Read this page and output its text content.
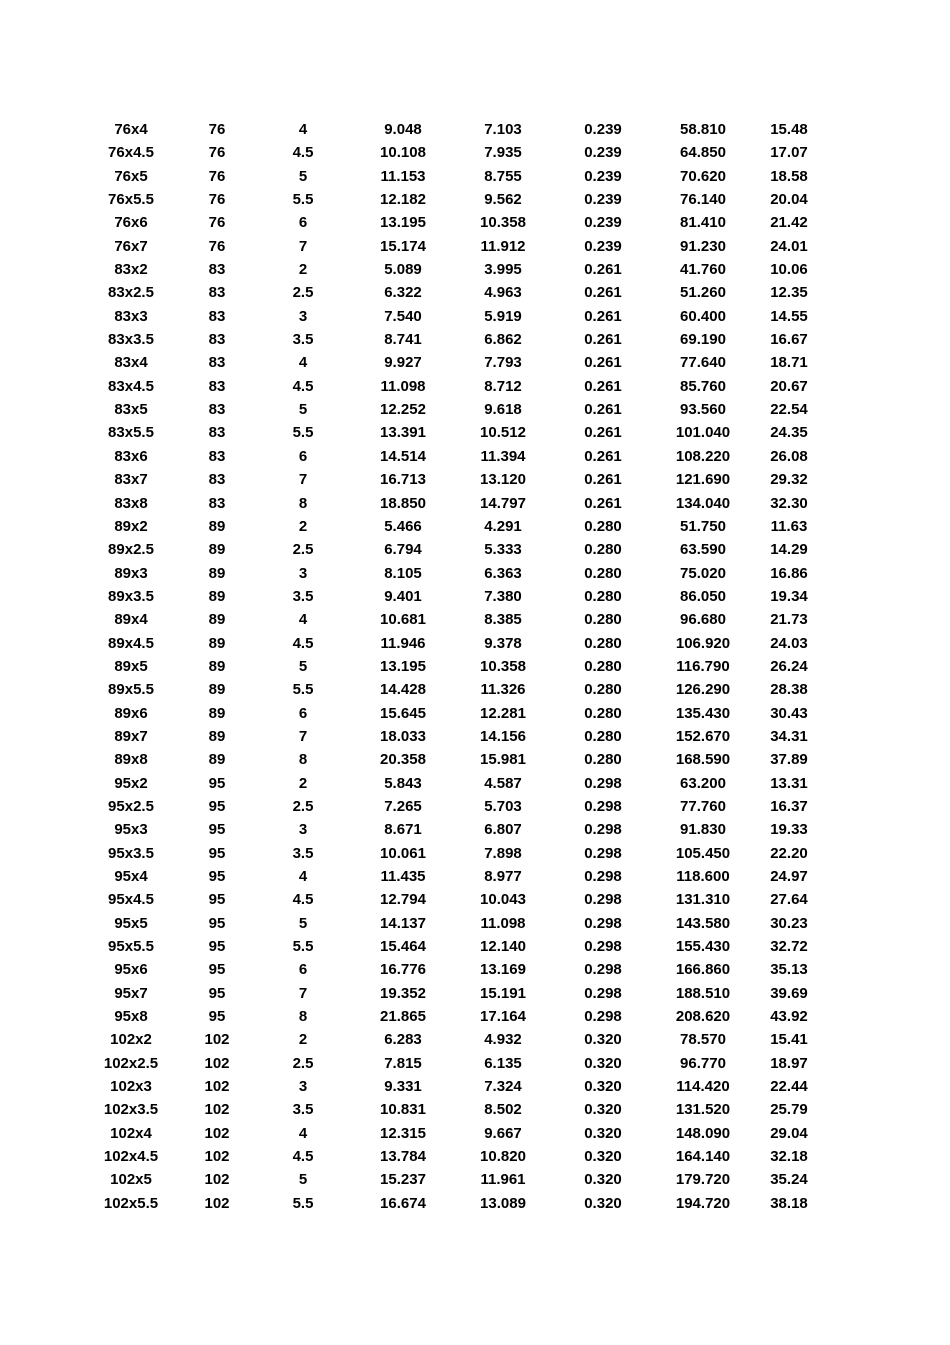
76x4	76	4	9.048	7.103	0.239	58.810	15.48
76x4.5	76	4.5	10.108	7.935	0.239	64.850	17.07
76x5	76	5	11.153	8.755	0.239	70.620	18.58
76x5.5	76	5.5	12.182	9.562	0.239	76.140	20.04
76x6	76	6	13.195	10.358	0.239	81.410	21.42
76x7	76	7	15.174	11.912	0.239	91.230	24.01
83x2	83	2	5.089	3.995	0.261	41.760	10.06
83x2.5	83	2.5	6.322	4.963	0.261	51.260	12.35
83x3	83	3	7.540	5.919	0.261	60.400	14.55
83x3.5	83	3.5	8.741	6.862	0.261	69.190	16.67
83x4	83	4	9.927	7.793	0.261	77.640	18.71
83x4.5	83	4.5	11.098	8.712	0.261	85.760	20.67
83x5	83	5	12.252	9.618	0.261	93.560	22.54
83x5.5	83	5.5	13.391	10.512	0.261	101.040	24.35
83x6	83	6	14.514	11.394	0.261	108.220	26.08
83x7	83	7	16.713	13.120	0.261	121.690	29.32
83x8	83	8	18.850	14.797	0.261	134.040	32.30
89x2	89	2	5.466	4.291	0.280	51.750	11.63
89x2.5	89	2.5	6.794	5.333	0.280	63.590	14.29
89x3	89	3	8.105	6.363	0.280	75.020	16.86
89x3.5	89	3.5	9.401	7.380	0.280	86.050	19.34
89x4	89	4	10.681	8.385	0.280	96.680	21.73
89x4.5	89	4.5	11.946	9.378	0.280	106.920	24.03
89x5	89	5	13.195	10.358	0.280	116.790	26.24
89x5.5	89	5.5	14.428	11.326	0.280	126.290	28.38
89x6	89	6	15.645	12.281	0.280	135.430	30.43
89x7	89	7	18.033	14.156	0.280	152.670	34.31
89x8	89	8	20.358	15.981	0.280	168.590	37.89
95x2	95	2	5.843	4.587	0.298	63.200	13.31
95x2.5	95	2.5	7.265	5.703	0.298	77.760	16.37
95x3	95	3	8.671	6.807	0.298	91.830	19.33
95x3.5	95	3.5	10.061	7.898	0.298	105.450	22.20
95x4	95	4	11.435	8.977	0.298	118.600	24.97
95x4.5	95	4.5	12.794	10.043	0.298	131.310	27.64
95x5	95	5	14.137	11.098	0.298	143.580	30.23
95x5.5	95	5.5	15.464	12.140	0.298	155.430	32.72
95x6	95	6	16.776	13.169	0.298	166.860	35.13
95x7	95	7	19.352	15.191	0.298	188.510	39.69
95x8	95	8	21.865	17.164	0.298	208.620	43.92
102x2	102	2	6.283	4.932	0.320	78.570	15.41
102x2.5	102	2.5	7.815	6.135	0.320	96.770	18.97
102x3	102	3	9.331	7.324	0.320	114.420	22.44
102x3.5	102	3.5	10.831	8.502	0.320	131.520	25.79
102x4	102	4	12.315	9.667	0.320	148.090	29.04
102x4.5	102	4.5	13.784	10.820	0.320	164.140	32.18
102x5	102	5	15.237	11.961	0.320	179.720	35.24
102x5.5	102	5.5	16.674	13.089	0.320	194.720	38.18
